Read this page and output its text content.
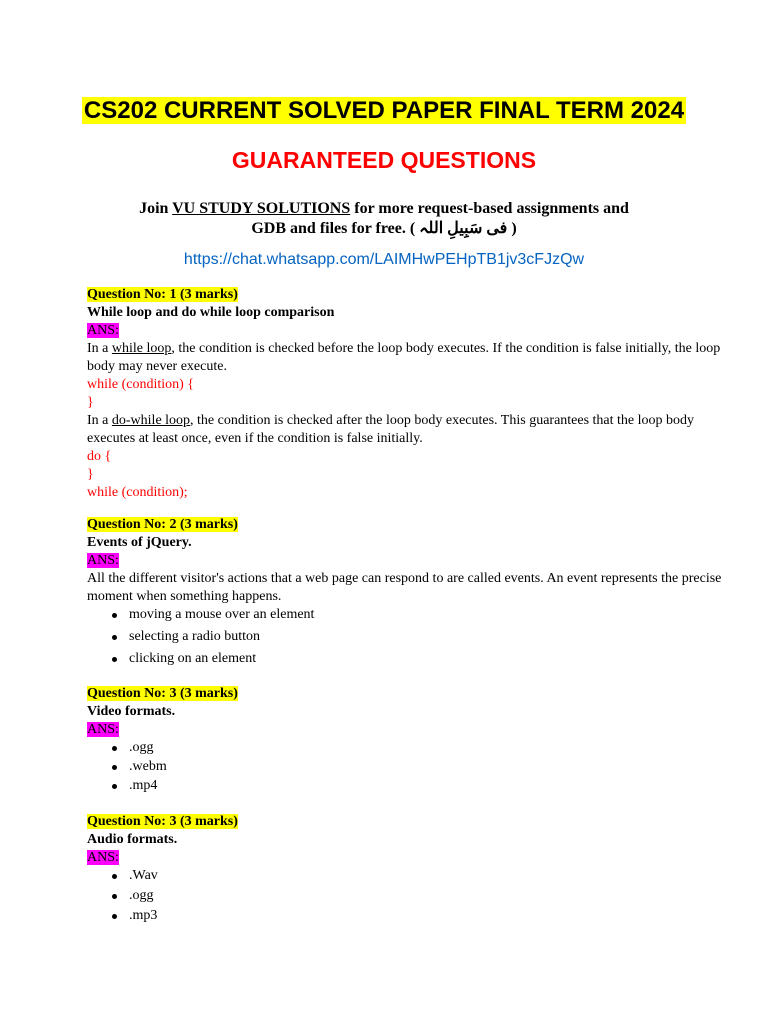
CS202 CURRENT SOLVED PAPER FINAL TERM 2024
GUARANTEED QUESTIONS
Join VU STUDY SOLUTIONS for more request-based assignments and
GDB and files for free. ( فی سَبِیلِ اللہ )
https://chat.whatsapp.com/LAIMHwPEHpTB1jv3cFJzQw
Question No: 1 (3 marks)
While loop and do while loop comparison
ANS:
In a while loop, the condition is checked before the loop body executes. If the condition is false initially, the loop body may never execute.
while (condition) {
}
In a do-while loop, the condition is checked after the loop body executes. This guarantees that the loop body executes at least once, even if the condition is false initially.
do {
}
while (condition);
Question No: 2 (3 marks)
Events of jQuery.
ANS:
All the different visitor's actions that a web page can respond to are called events. An event represents the precise moment when something happens.
moving a mouse over an element
selecting a radio button
clicking on an element
Question No: 3 (3 marks)
Video formats.
ANS:
.ogg
.webm
.mp4
Question No: 3 (3 marks)
Audio formats.
ANS:
.Wav
.ogg
.mp3
